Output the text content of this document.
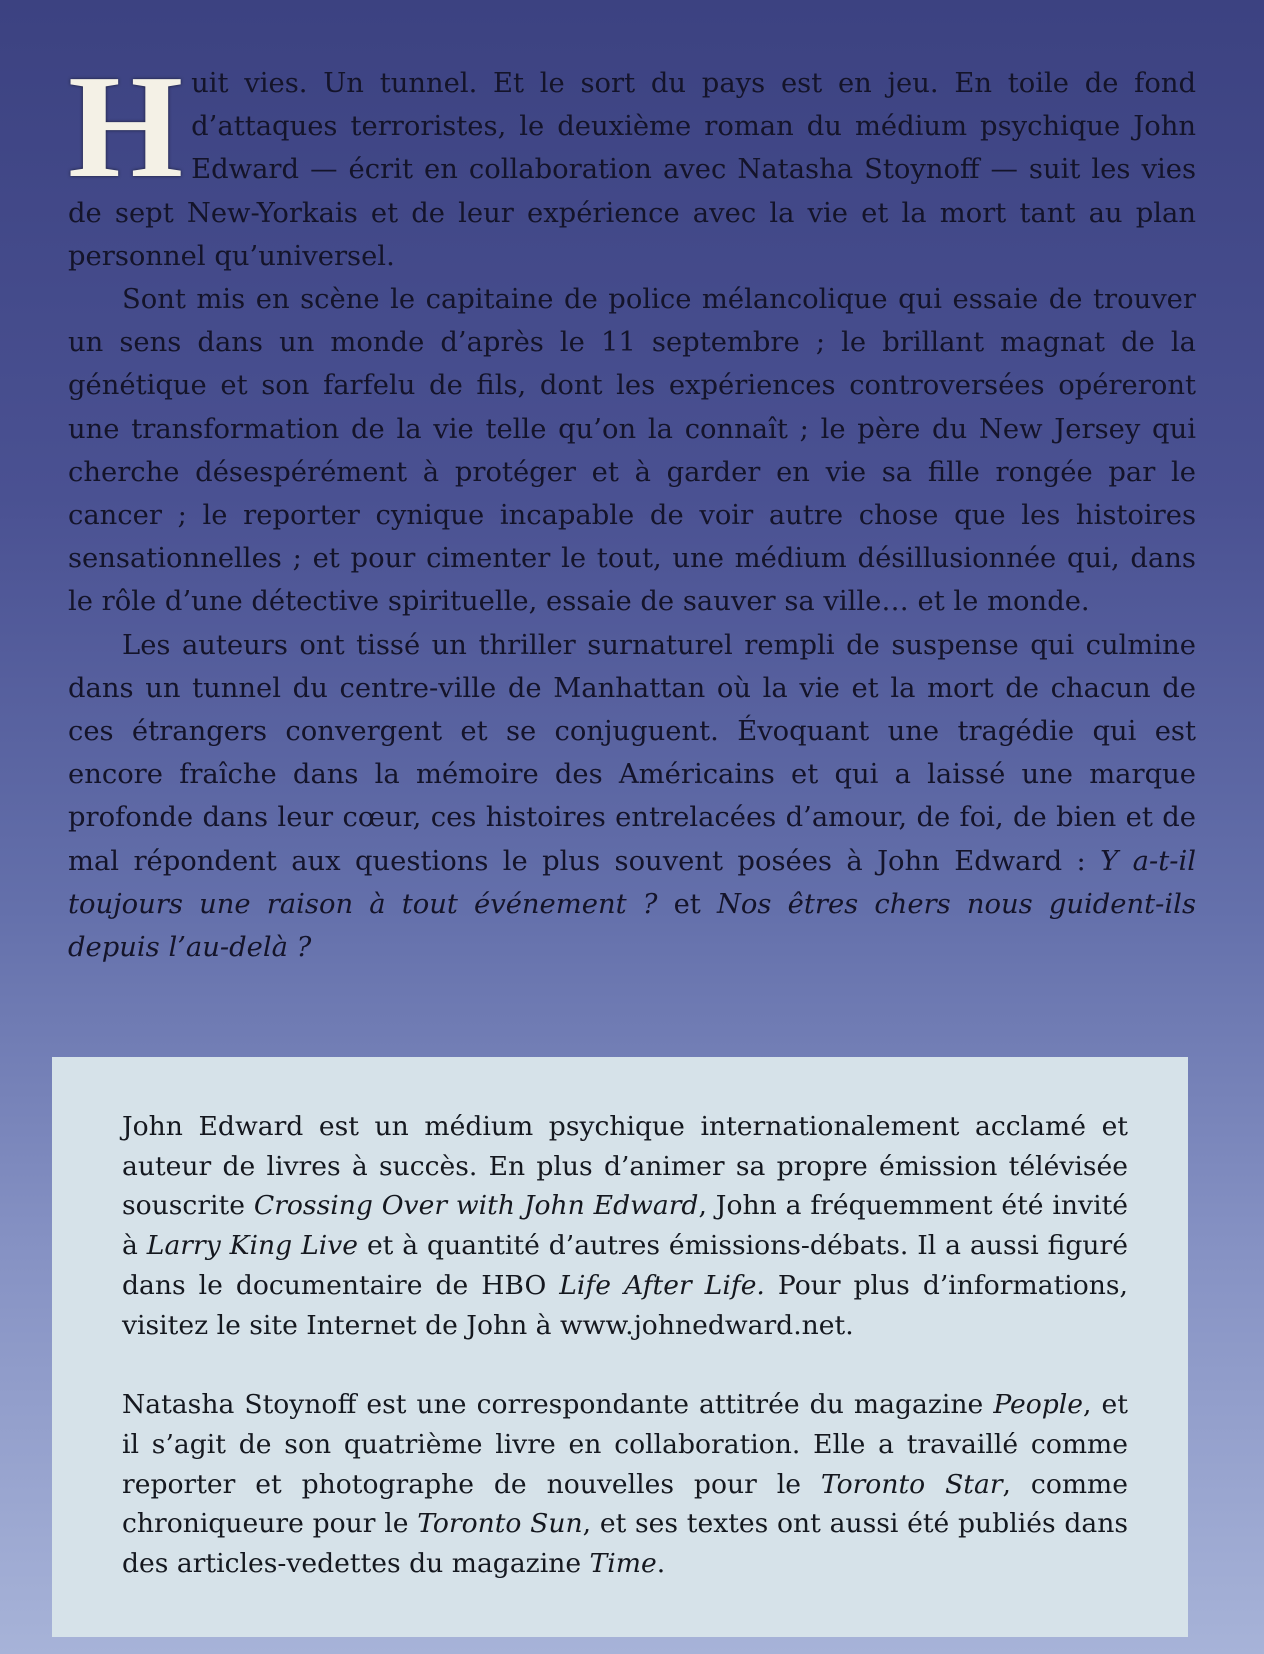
Huit vies. Un tunnel. Et le sort du pays est en jeu. En toile de fond d’attaques terroristes, le deuxième roman du médium psychique John Edward — écrit en collaboration avec Natasha Stoynoff — suit les vies de sept New-Yorkais et de leur expérience avec la vie et la mort tant au plan personnel qu’universel.

Sont mis en scène le capitaine de police mélancolique qui essaie de trouver un sens dans un monde d’après le 11 septembre ; le brillant magnat de la génétique et son farfelu de fils, dont les expériences controversées opéreront une transformation de la vie telle qu’on la connaît ; le père du New Jersey qui cherche désespérément à protéger et à garder en vie sa fille rongée par le cancer ; le reporter cynique incapable de voir autre chose que les histoires sensationnelles ; et pour cimenter le tout, une médium désillusionnée qui, dans le rôle d’une détective spirituelle, essaie de sauver sa ville… et le monde.

Les auteurs ont tissé un thriller surnaturel rempli de suspense qui culmine dans un tunnel du centre-ville de Manhattan où la vie et la mort de chacun de ces étrangers convergent et se conjuguent. Évoquant une tragédie qui est encore fraîche dans la mémoire des Américains et qui a laissé une marque profonde dans leur cœur, ces histoires entrelacées d’amour, de foi, de bien et de mal répondent aux questions le plus souvent posées à John Edward : Y a-t-il toujours une raison à tout événement ? et Nos êtres chers nous guident-ils depuis l’au-delà ?

John Edward est un médium psychique internationalement acclamé et auteur de livres à succès. En plus d’animer sa propre émission télévisée souscrite Crossing Over with John Edward, John a fréquemment été invité à Larry King Live et à quantité d’autres émissions-débats. Il a aussi figuré dans le documentaire de HBO Life After Life. Pour plus d’informations, visitez le site Internet de John à www.johnedward.net.

Natasha Stoynoff est une correspondante attitrée du magazine People, et il s’agit de son quatrième livre en collaboration. Elle a travaillé comme reporter et photographe de nouvelles pour le Toronto Star, comme chroniqueure pour le Toronto Sun, et ses textes ont aussi été publiés dans des articles-vedettes du magazine Time.
